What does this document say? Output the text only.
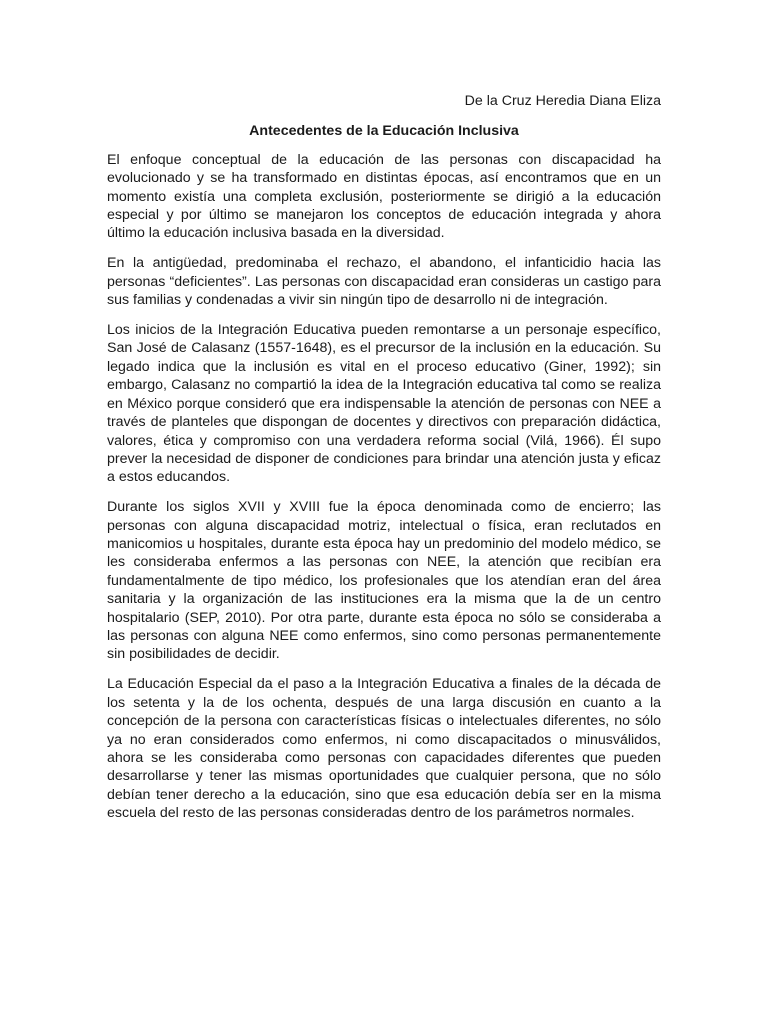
De la Cruz Heredia Diana Eliza
Antecedentes de la Educación Inclusiva

El enfoque conceptual de la educación de las personas con discapacidad ha evolucionado y se ha transformado en distintas épocas, así encontramos que en un momento existía una completa exclusión, posteriormente se dirigió a la educación especial y por último se manejaron los conceptos de educación integrada y ahora último la educación inclusiva basada en la diversidad.

En la antigüedad, predominaba el rechazo, el abandono, el infanticidio hacia las personas “deficientes”. Las personas con discapacidad eran consideras un castigo para sus familias y condenadas a vivir sin ningún tipo de desarrollo ni de integración.

Los inicios de la Integración Educativa pueden remontarse a un personaje específico, San José de Calasanz (1557-1648), es el precursor de la inclusión en la educación. Su legado indica que la inclusión es vital en el proceso educativo (Giner, 1992); sin embargo, Calasanz no compartió la idea de la Integración educativa tal como se realiza en México porque consideró que era indispensable la atención de personas con NEE a través de planteles que dispongan de docentes y directivos con preparación didáctica, valores, ética y compromiso con una verdadera reforma social (Vilá, 1966). Él supo prever la necesidad de disponer de condiciones para brindar una atención justa y eficaz a estos educandos.

Durante los siglos XVII y XVIII fue la época denominada como de encierro; las personas con alguna discapacidad motriz, intelectual o física, eran reclutados en manicomios u hospitales, durante esta época hay un predominio del modelo médico, se les consideraba enfermos a las personas con NEE, la atención que recibían era fundamentalmente de tipo médico, los profesionales que los atendían eran del área sanitaria y la organización de las instituciones era la misma que la de un centro hospitalario (SEP, 2010). Por otra parte, durante esta época no sólo se consideraba a las personas con alguna NEE como enfermos, sino como personas permanentemente sin posibilidades de decidir.

La Educación Especial da el paso a la Integración Educativa a finales de la década de los setenta y la de los ochenta, después de una larga discusión en cuanto a la concepción de la persona con características físicas o intelectuales diferentes, no sólo ya no eran considerados como enfermos, ni como discapacitados o minusválidos, ahora se les consideraba como personas con capacidades diferentes que pueden desarrollarse y tener las mismas oportunidades que cualquier persona, que no sólo debían tener derecho a la educación, sino que esa educación debía ser en la misma escuela del resto de las personas consideradas dentro de los parámetros normales.
